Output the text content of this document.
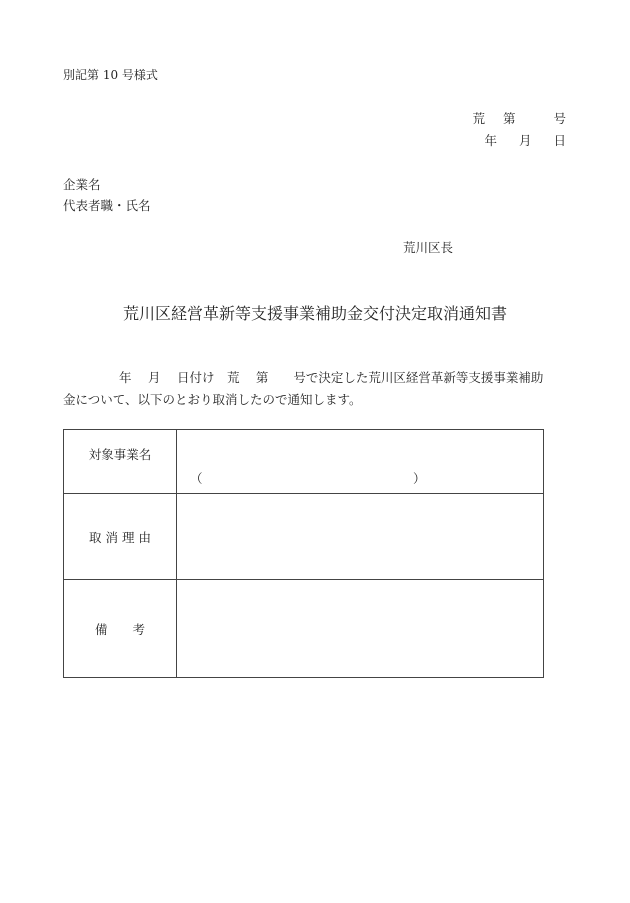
別記第 10 号様式
荒 第	号
年 月 日
企業名
代表者職・氏名
荒川区長
荒川区経営革新等支援事業補助金交付決定取消通知書
年　 月　 日付け　荒　 第　　号で決定した荒川区経営革新等支援事業補助
金について、以下のとおり取消したので通知します。
対象事業名	（ ）

取 消 理 由	
備　　考	
